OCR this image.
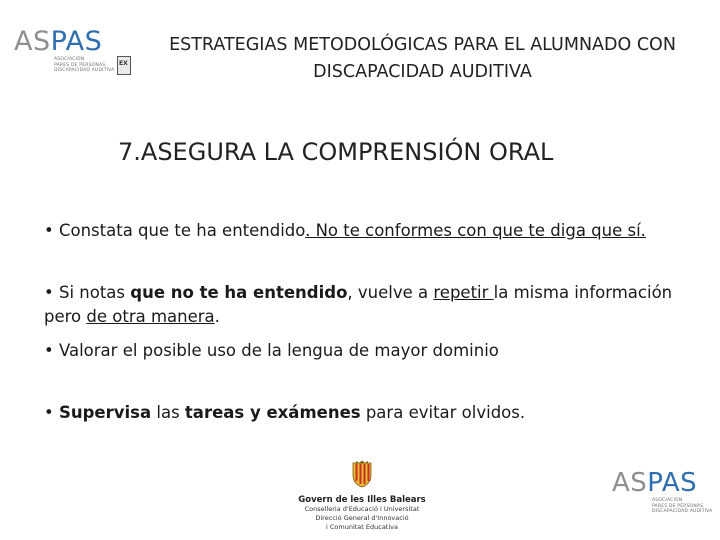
ASPAS
ASOCIACIÓN
PARES DE PERSONAS
DISCAPACIDAD AUDITIVA
EX
ESTRATEGIAS METODOLÓGICAS PARA EL ALUMNADO CON
DISCAPACIDAD AUDITIVA
7.ASEGURA LA COMPRENSIÓN ORAL
• Constata que te ha entendido. No te conformes con que te diga que sí.
• Si notas que no te ha entendido, vuelve a repetir la misma información pero de otra manera.
• Valorar el posible uso de la lengua de mayor dominio
• Supervisa las tareas y exámenes para evitar olvidos.
Govern de les Illes Balears
Conselleria d'Educació i Universitat
Direcció General d'Innovació
i Comunitat Educativa
ASPAS
ASOCIACIÓN
PARES DE PERSONAS
DISCAPACIDAD AUDITIVA
